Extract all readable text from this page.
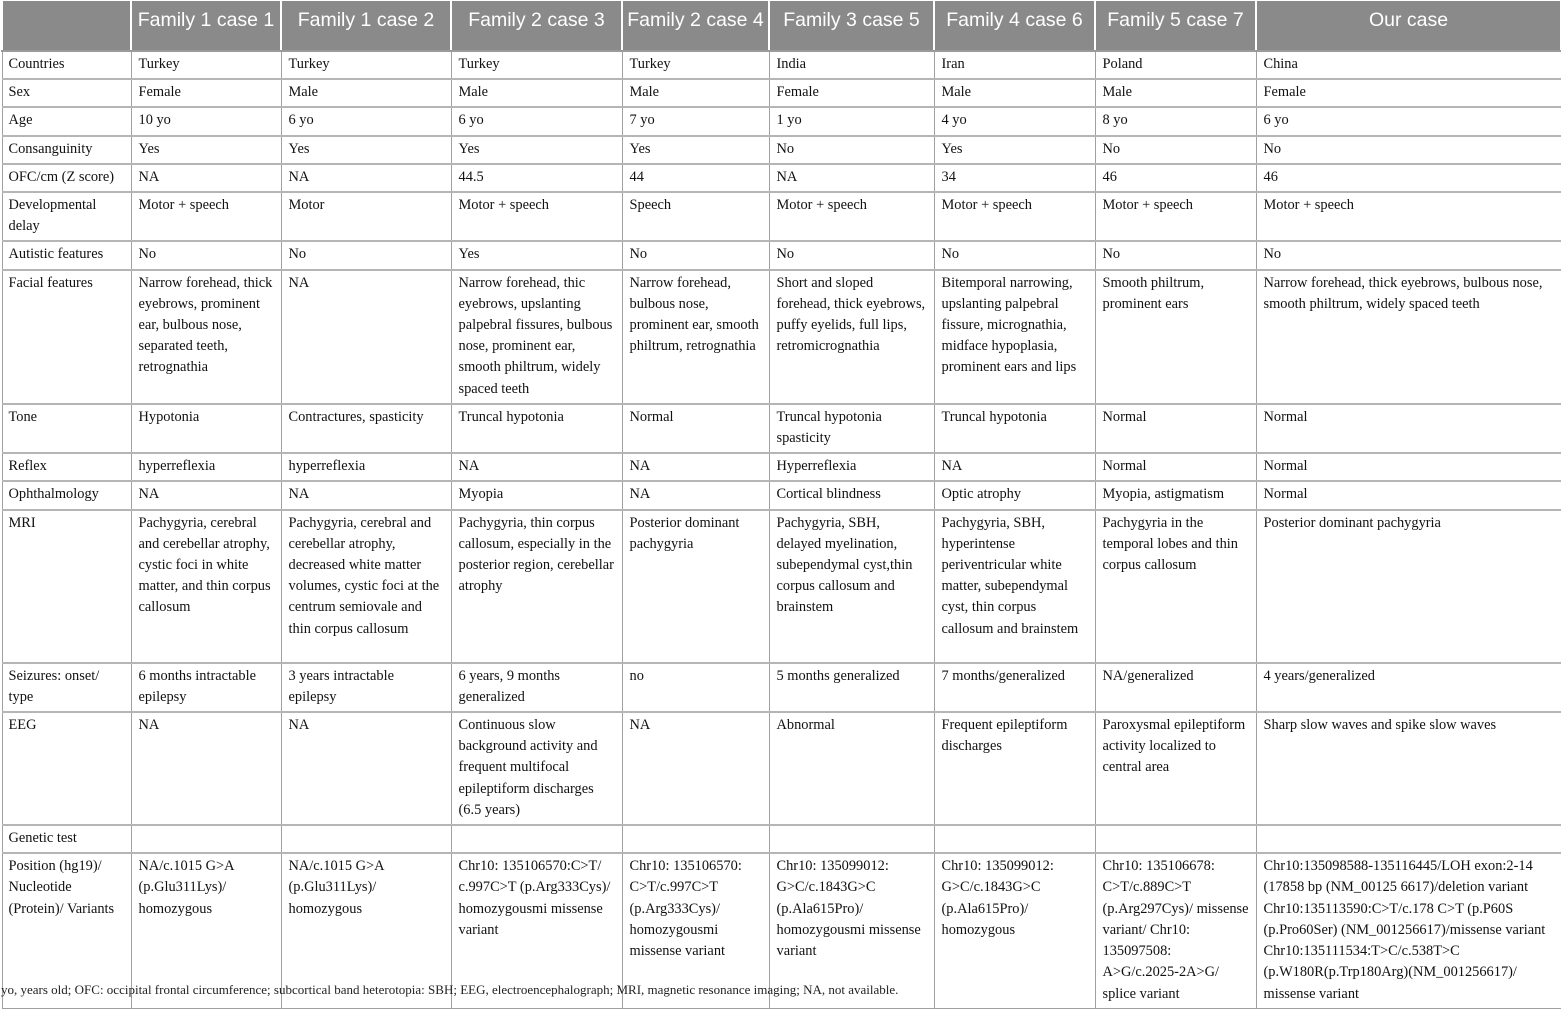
	Family 1 case 1	Family 1 case 2	Family 2 case 3	Family 2 case 4	Family 3 case 5	Family 4 case 6	Family 5 case 7	Our case
Countries	Turkey	Turkey	Turkey	Turkey	India	Iran	Poland	China
Sex	Female	Male	Male	Male	Female	Male	Male	Female
Age	10 yo	6 yo	6 yo	7 yo	1 yo	4 yo	8 yo	6 yo
Consanguinity	Yes	Yes	Yes	Yes	No	Yes	No	No
OFC/cm (Z score)	NA	NA	44.5	44	NA	34	46	46
Developmental delay	Motor + speech	Motor	Motor + speech	Speech	Motor + speech	Motor + speech	Motor + speech	Motor + speech
Autistic features	No	No	Yes	No	No	No	No	No
Facial features	Narrow forehead, thick eyebrows, prominent ear, bulbous nose, separated teeth, retrognathia	NA	Narrow forehead, thic eyebrows, upslanting palpebral fissures, bulbous nose, prominent ear, smooth philtrum, widely spaced teeth	Narrow forehead, bulbous nose, prominent ear, smooth philtrum, retrognathia	Short and sloped forehead, thick eyebrows, puffy eyelids, full lips, retromicrognathia	Bitemporal narrowing, upslanting palpebral fissure, micrognathia, midface hypoplasia, prominent ears and lips	Smooth philtrum, prominent ears	Narrow forehead, thick eyebrows, bulbous nose, smooth philtrum, widely spaced teeth
Tone	Hypotonia	Contractures, spasticity	Truncal hypotonia	Normal	Truncal hypotonia spasticity	Truncal hypotonia	Normal	Normal
Reflex	hyperreflexia	hyperreflexia	NA	NA	Hyperreflexia	NA	Normal	Normal
Ophthalmology	NA	NA	Myopia	NA	Cortical blindness	Optic atrophy	Myopia, astigmatism	Normal
MRI	Pachygyria, cerebral and cerebellar atrophy, cystic foci in white matter, and thin corpus callosum	Pachygyria, cerebral and cerebellar atrophy, decreased white matter volumes, cystic foci at the centrum semiovale and thin corpus callosum	Pachygyria, thin corpus callosum, especially in the posterior region, cerebellar atrophy	Posterior dominant pachygyria	Pachygyria, SBH, delayed myelination, subependymal cyst,thin corpus callosum and brainstem	Pachygyria, SBH, hyperintense periventricular white matter, subependymal cyst, thin corpus callosum and brainstem	Pachygyria in the temporal lobes and thin corpus callosum	Posterior dominant pachygyria
Seizures: onset/ type	6 months intractable epilepsy	3 years intractable epilepsy	6 years, 9 months generalized	no	5 months generalized	7 months/generalized	NA/generalized	4 years/generalized
EEG	NA	NA	Continuous slow background activity and frequent multifocal epileptiform discharges (6.5 years)	NA	Abnormal	Frequent epileptiform discharges	Paroxysmal epileptiform activity localized to central area	Sharp slow waves and spike slow waves
Genetic test								
Position (hg19)/ Nucleotide (Protein)/ Variants	NA/c.1015 G>A (p.Glu311Lys)/ homozygous	NA/c.1015 G>A (p.Glu311Lys)/ homozygous	Chr10: 135106570:C>T/ c.997C>T (p.Arg333Cys)/ homozygousmi missense variant	Chr10: 135106570: C>T/c.997C>T (p.Arg333Cys)/ homozygousmi missense variant	Chr10: 135099012: G>C/c.1843G>C (p.Ala615Pro)/ homozygousmi missense variant	Chr10: 135099012: G>C/c.1843G>C (p.Ala615Pro)/ homozygous	Chr10: 135106678: C>T/c.889C>T (p.Arg297Cys)/ missense variant/ Chr10: 135097508: A>G/c.2025-2A>G/ splice variant	Chr10:135098588-135116445/LOH exon:2-14 (17858 bp (NM_00125 6617)/deletion variant Chr10:135113590:C>T/c.178 C>T (p.P60S (p.Pro60Ser) (NM_001256617)/missense variant Chr10:135111534:T>C/c.538T>C (p.W180R(p.Trp180Arg)(NM_001256617)/ missense variant
yo, years old; OFC: occipital frontal circumference; subcortical band heterotopia: SBH; EEG, electroencephalograph; MRI, magnetic resonance imaging; NA, not available.
